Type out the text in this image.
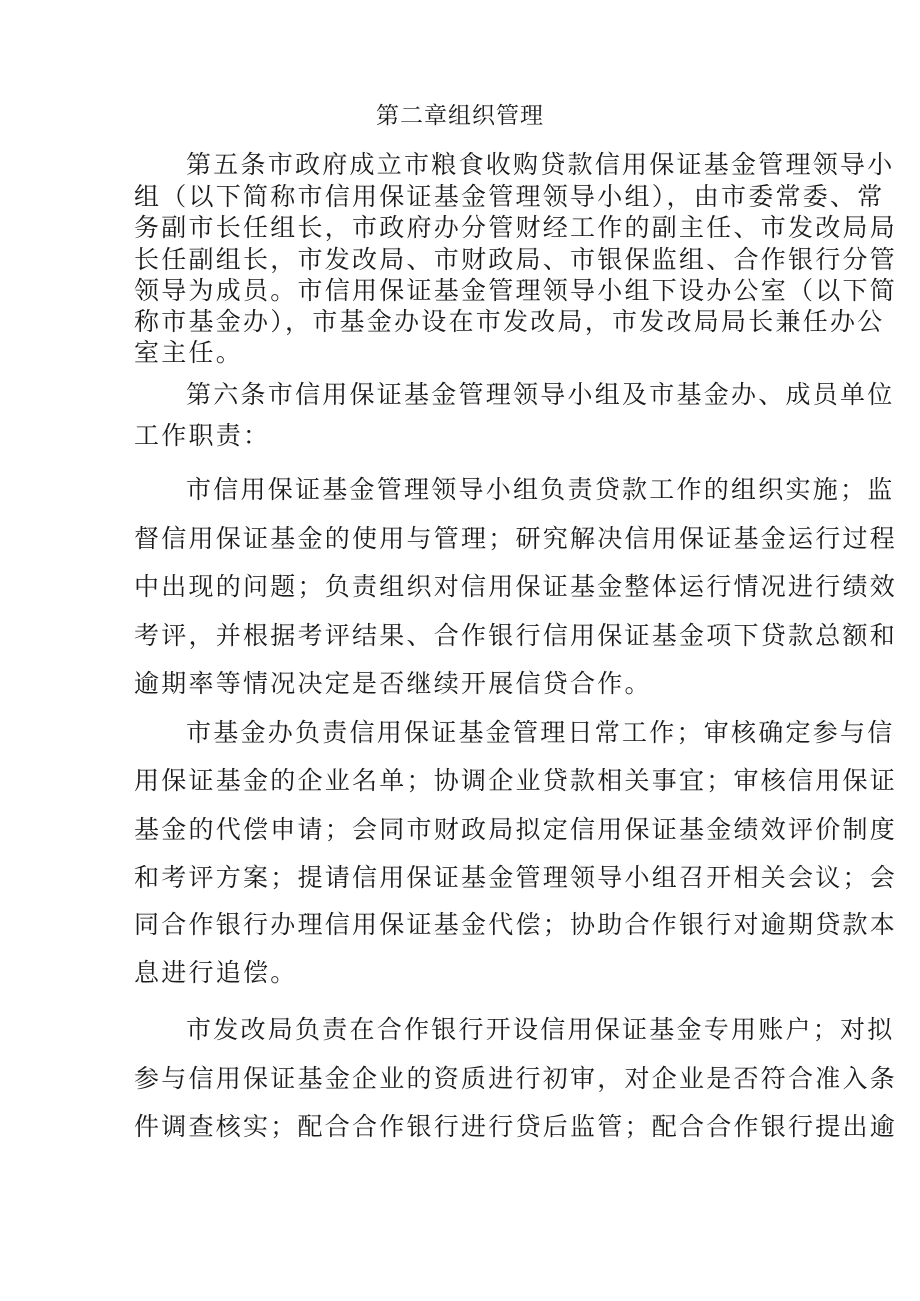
第二章组织管理
第五条市政府成立市粮食收购贷款信用保证基金管理领导小
组（以下简称市信用保证基金管理领导小组），由市委常委、常
务副市长任组长，市政府办分管财经工作的副主任、市发改局局
长任副组长，市发改局、市财政局、市银保监组、合作银行分管
领导为成员。市信用保证基金管理领导小组下设办公室（以下简
称市基金办），市基金办设在市发改局，市发改局局长兼任办公
室主任。
第六条市信用保证基金管理领导小组及市基金办、成员单位
工作职责：
市信用保证基金管理领导小组负责贷款工作的组织实施；监
督信用保证基金的使用与管理；研究解决信用保证基金运行过程
中出现的问题；负责组织对信用保证基金整体运行情况进行绩效
考评，并根据考评结果、合作银行信用保证基金项下贷款总额和
逾期率等情况决定是否继续开展信贷合作。
市基金办负责信用保证基金管理日常工作；审核确定参与信
用保证基金的企业名单；协调企业贷款相关事宜；审核信用保证
基金的代偿申请；会同市财政局拟定信用保证基金绩效评价制度
和考评方案；提请信用保证基金管理领导小组召开相关会议；会
同合作银行办理信用保证基金代偿；协助合作银行对逾期贷款本
息进行追偿。
市发改局负责在合作银行开设信用保证基金专用账户；对拟
参与信用保证基金企业的资质进行初审，对企业是否符合准入条
件调查核实；配合合作银行进行贷后监管；配合合作银行提出逾
